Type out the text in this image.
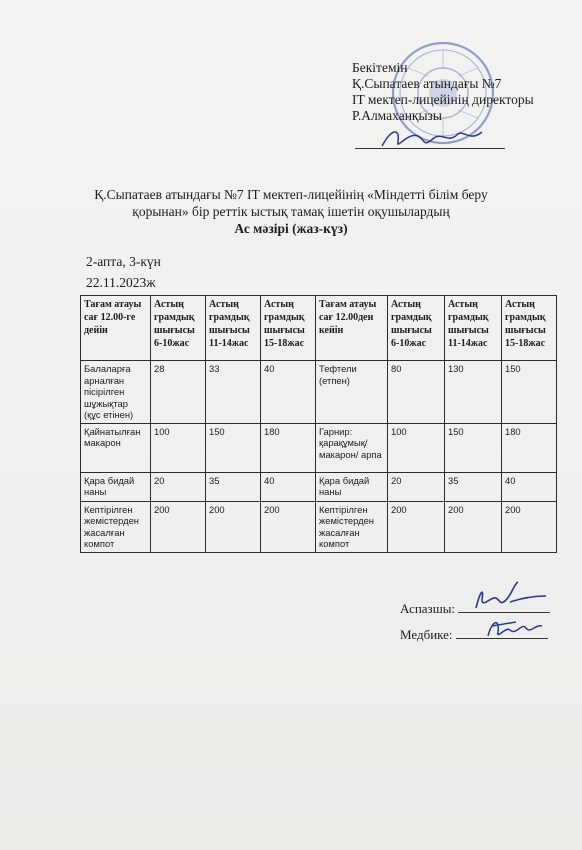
Бекітемін
Қ.Сыпатаев атындағы №7
IT мектеп-лицейінің директоры
Р.Алмаханқызы
Қ.Сыпатаев атындағы №7 IT мектеп-лицейінің «Міндетті білім беру
қорынан» бір реттік ыстық тамақ ішетін оқушылардың
Ас мәзірі (жаз-күз)
2-апта, 3-күн
22.11.2023ж
Тағам атауы сағ 12.00-ге дейін	Астың грамдық шығысы 6-10жас	Астың грамдық шығысы 11-14жас	Астың грамдық шығысы 15-18жас	Тағам атауы сағ 12.00ден кейін	Астың грамдық шығысы 6-10жас	Астың грамдық шығысы 11-14жас	Астың грамдық шығысы 15-18жас
Балаларға арналған пісірілген шұжықтар (құс етінен)	28	33	40	Тефтели (етпен)	80	130	150
Қайнатылған макарон	100	150	180	Гарнир: қарақұмық/ макарон/ арпа	100	150	180
Қара бидай наны	20	35	40	Қара бидай наны	20	35	40
Кептірілген жемістерден жасалған компот	200	200	200	Кептірілген жемістерден жасалған компот	200	200	200
Аспазшы:
Медбике:
